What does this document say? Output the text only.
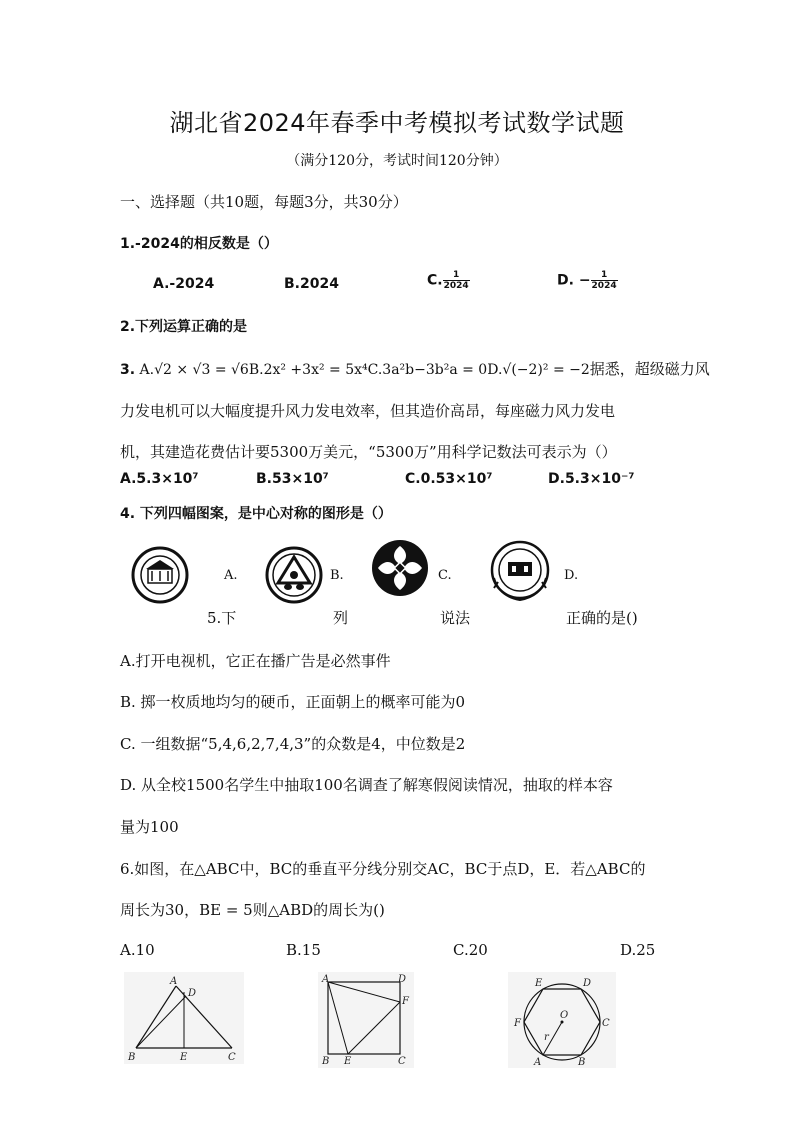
湖北省2024年春季中考模拟考试数学试题
（满分120分，考试时间120分钟）
一、选择题（共10题，每题3分，共30分）
1.-2024的相反数是（）
A.-2024	B.2024	C. $\frac{1}{2024}$	D. − $\frac{1}{2024}$
2.下列运算正确的是
3. A.√2 × √3 = √6B.2x² +3x² = 5x⁴C.3a²b−3b²a = 0D.√(−2)² = −2据悉，超级磁力风
力发电机可以大幅度提升风力发电效率，但其造价高昂，每座磁力风力发电
机，其建造花费估计要5300万美元，“5300万”用科学记数法可表示为（）
A.5.3×10⁷	B.53×10⁷	C.0.53×10⁷	D.5.3×10⁻⁷
4. 下列四幅图案，是中心对称的图形是（）
A.	B.	C.	D.
5.下	列	说法	正确的是()
A.打开电视机，它正在播广告是必然事件
B. 掷一枚质地均匀的硬币，正面朝上的概率可能为0
C. 一组数据“5,4,6,2,7,4,3”的众数是4，中位数是2
D. 从全校1500名学生中抽取100名调查了解寒假阅读情况，抽取的样本容
量为100
6.如图，在△ABC中，BC的垂直平分线分别交AC，BC于点D，E．若△ABC的
周长为30，BE = 5则△ABD的周长为()
A.10	B.15	C.20	D.25
A
D
B	E	C
A	D
F
B E	C
E	D
F
O
C
r
A	B
